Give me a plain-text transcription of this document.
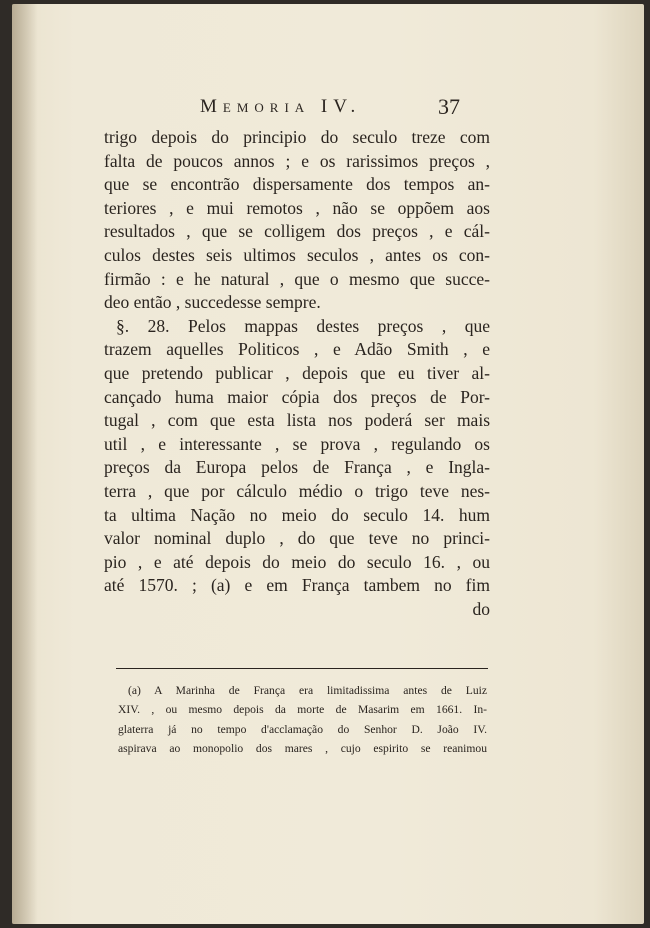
Memoria IV.	37
trigo depois do principio do seculo treze com
falta de poucos annos ; e os rarissimos preços ,
que se encontrão dispersamente dos tempos an-
teriores , e mui remotos , não se oppõem aos
resultados , que se colligem dos preços , e cál-
culos destes seis ultimos seculos , antes os con-
firmão : e he natural , que o mesmo que succe-
deo então , succedesse sempre.
§. 28. Pelos mappas destes preços , que
trazem aquelles Politicos , e Adão Smith , e
que pretendo publicar , depois que eu tiver al-
cançado huma maior cópia dos preços de Por-
tugal , com que esta lista nos poderá ser mais
util , e interessante , se prova , regulando os
preços da Europa pelos de França , e Ingla-
terra , que por cálculo médio o trigo teve nes-
ta ultima Nação no meio do seculo 14. hum
valor nominal duplo , do que teve no princi-
pio , e até depois do meio do seculo 16. , ou
até 1570. ; (a) e em França tambem no fim
do
(a) A Marinha de França era limitadissima antes de Luiz
XIV. , ou mesmo depois da morte de Masarim em 1661. In-
glaterra já no tempo d'acclamação do Senhor D. João IV.
aspirava ao monopolio dos mares , cujo espirito se reanimou
